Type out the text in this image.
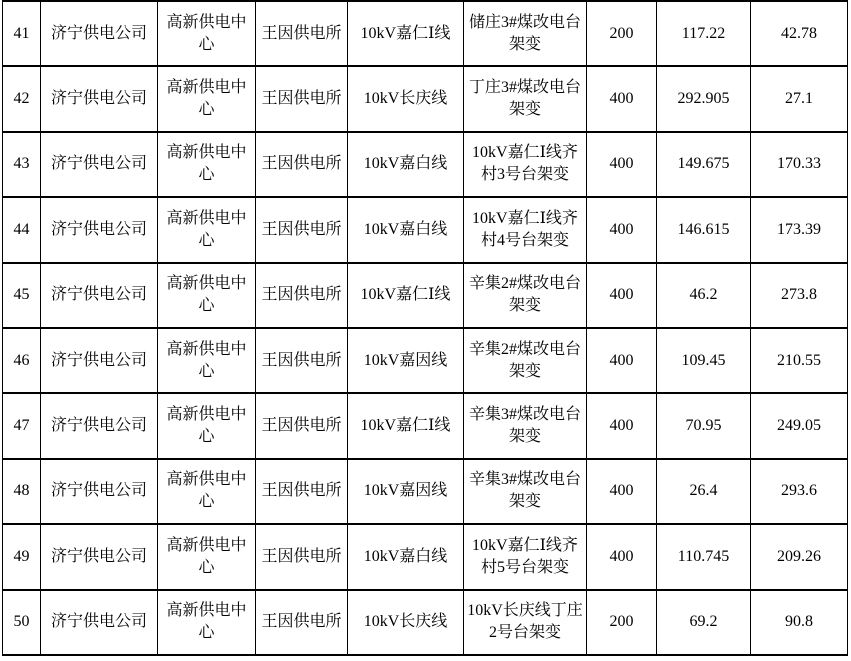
41	济宁供电公司	高新供电中心	王因供电所	10kV嘉仁Ⅰ线	储庄3#煤改电台架变	200	117.22	42.78
42	济宁供电公司	高新供电中心	王因供电所	10kV长庆线	丁庄3#煤改电台架变	400	292.905	27.1
43	济宁供电公司	高新供电中心	王因供电所	10kV嘉白线	10kV嘉仁Ⅰ线齐村3号台架变	400	149.675	170.33
44	济宁供电公司	高新供电中心	王因供电所	10kV嘉白线	10kV嘉仁Ⅰ线齐村4号台架变	400	146.615	173.39
45	济宁供电公司	高新供电中心	王因供电所	10kV嘉仁Ⅰ线	辛集2#煤改电台架变	400	46.2	273.8
46	济宁供电公司	高新供电中心	王因供电所	10kV嘉因线	辛集2#煤改电台架变	400	109.45	210.55
47	济宁供电公司	高新供电中心	王因供电所	10kV嘉仁Ⅰ线	辛集3#煤改电台架变	400	70.95	249.05
48	济宁供电公司	高新供电中心	王因供电所	10kV嘉因线	辛集3#煤改电台架变	400	26.4	293.6
49	济宁供电公司	高新供电中心	王因供电所	10kV嘉白线	10kV嘉仁Ⅰ线齐村5号台架变	400	110.745	209.26
50	济宁供电公司	高新供电中心	王因供电所	10kV长庆线	10kV长庆线丁庄2号台架变	200	69.2	90.8
